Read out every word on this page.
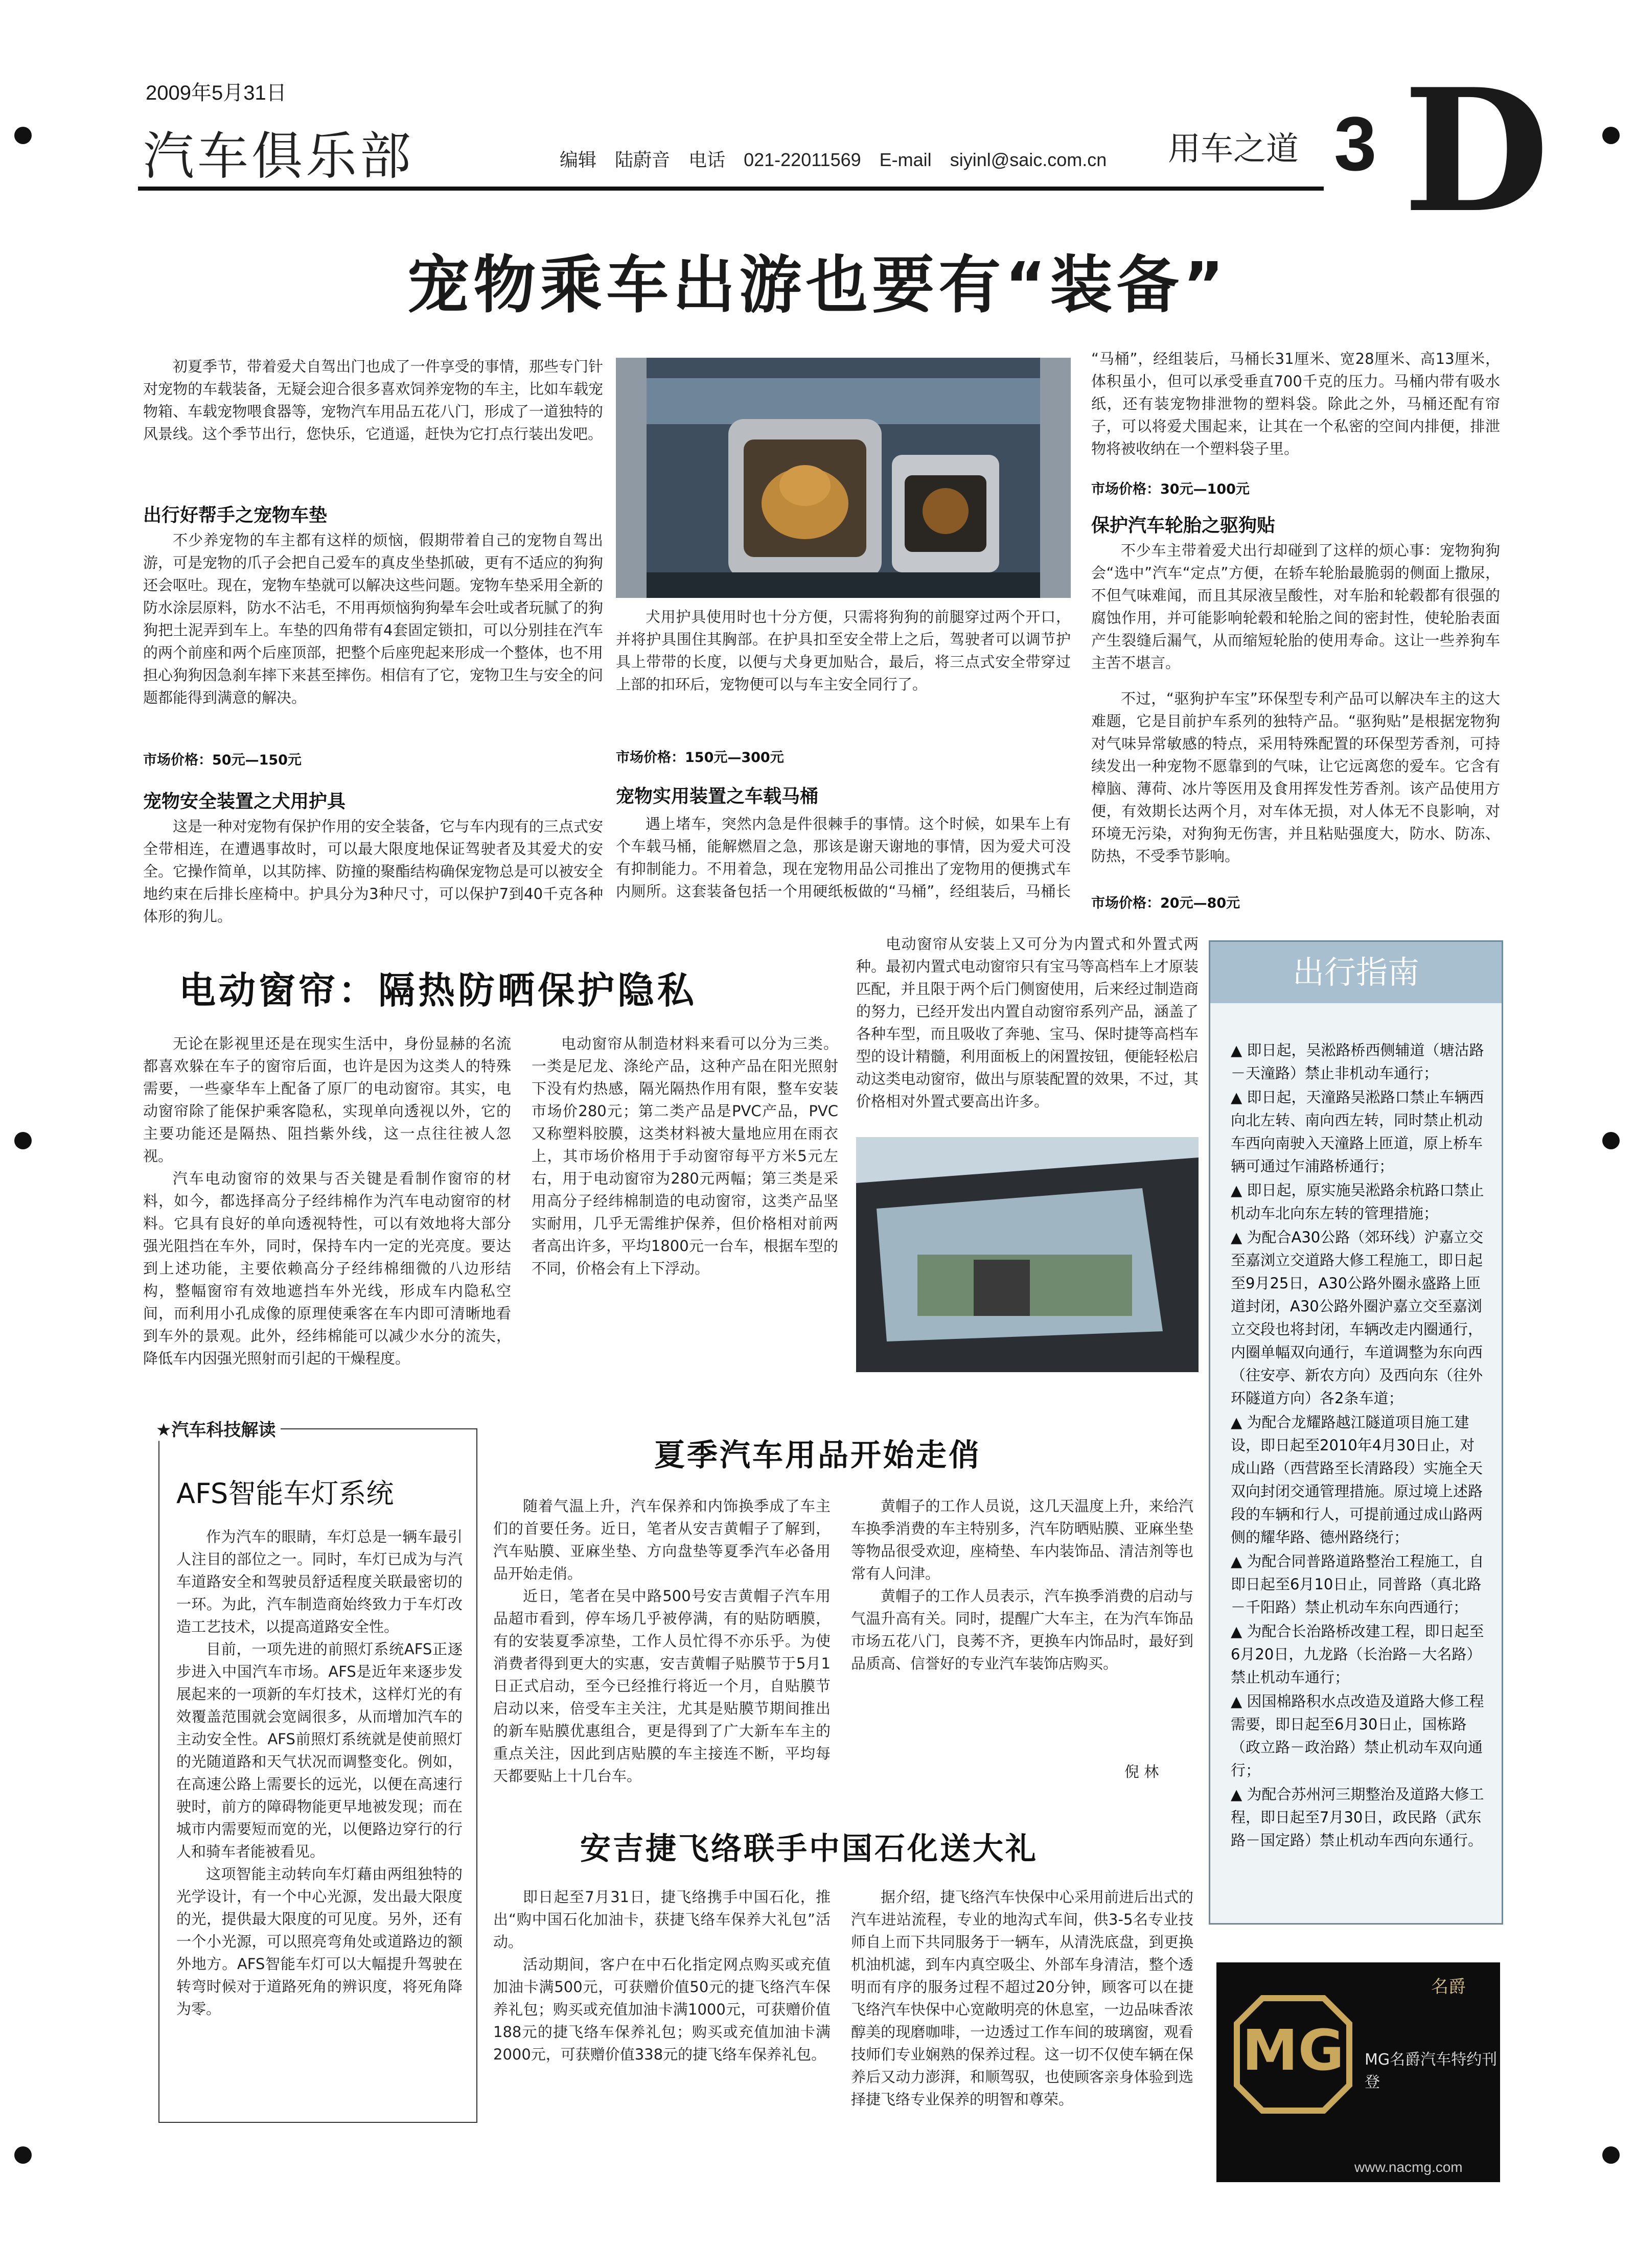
2009年5月31日
汽车俱乐部	编辑 陆蔚音 电话 021-22011569 E-mail siyinl@saic.com.cn	用车之道 3 D
宠物乘车出游也要有“装备”

初夏季节，带着爱犬自驾出门也成了一件享受的事情，那些专门针对宠物的车载装备，无疑会迎合很多喜欢饲养宠物的车主，比如车载宠物箱、车载宠物喂食器等，宠物汽车用品五花八门，形成了一道独特的风景线。这个季节出行，您快乐，它逍遥，赶快为它打点行装出发吧。

出行好帮手之宠物车垫

不少养宠物的车主都有这样的烦恼，假期带着自己的宠物自驾出游，可是宠物的爪子会把自己爱车的真皮坐垫抓破，更有不适应的狗狗还会呕吐。现在，宠物车垫就可以解决这些问题。宠物车垫采用全新的防水涂层原料，防水不沾毛，不用再烦恼狗狗晕车会吐或者玩腻了的狗狗把土泥弄到车上。车垫的四角带有4套固定锁扣，可以分别挂在汽车的两个前座和两个后座顶部，把整个后座兜起来形成一个整体，也不用担心狗狗因急刹车摔下来甚至摔伤。相信有了它，宠物卫生与安全的问题都能得到满意的解决。

市场价格：50元—150元
宠物安全装置之犬用护具

这是一种对宠物有保护作用的安全装备，它与车内现有的三点式安全带相连，在遭遇事故时，可以最大限度地保证驾驶者及其爱犬的安全。它操作简单，以其防摔、防撞的聚酯结构确保宠物总是可以被安全地约束在后排长座椅中。护具分为3种尺寸，可以保护7到40千克各种体形的狗儿。

犬用护具使用时也十分方便，只需将狗狗的前腿穿过两个开口，并将护具围住其胸部。在护具扣至安全带上之后，驾驶者可以调节护具上带带的长度，以便与犬身更加贴合，最后，将三点式安全带穿过上部的扣环后，宠物便可以与车主安全同行了。

市场价格：150元—300元
宠物实用装置之车载马桶

遇上堵车，突然内急是件很棘手的事情。这个时候，如果车上有个车载马桶，能解燃眉之急，那该是谢天谢地的事情，因为爱犬可没有抑制能力。不用着急，现在宠物用品公司推出了宠物用的便携式车内厕所。这套装备包括一个用硬纸板做的“马桶”，经组装后，马桶长

“马桶”，经组装后，马桶长31厘米、宽28厘米、高13厘米，体积虽小，但可以承受垂直700千克的压力。马桶内带有吸水纸，还有装宠物排泄物的塑料袋。除此之外，马桶还配有帘子，可以将爱犬围起来，让其在一个私密的空间内排便，排泄物将被收纳在一个塑料袋子里。

市场价格：30元—100元
保护汽车轮胎之驱狗贴

不少车主带着爱犬出行却碰到了这样的烦心事：宠物狗狗会“选中”汽车“定点”方便，在轿车轮胎最脆弱的侧面上撒尿，不但气味难闻，而且其尿液呈酸性，对车胎和轮毂都有很强的腐蚀作用，并可能影响轮毂和轮胎之间的密封性，使轮胎表面产生裂缝后漏气，从而缩短轮胎的使用寿命。这让一些养狗车主苦不堪言。

不过，“驱狗护车宝”环保型专利产品可以解决车主的这大难题，它是目前护车系列的独特产品。“驱狗贴”是根据宠物狗对气味异常敏感的特点，采用特殊配置的环保型芳香剂，可持续发出一种宠物不愿靠到的气味，让它远离您的爱车。它含有樟脑、薄荷、冰片等医用及食用挥发性芳香剂。该产品使用方便，有效期长达两个月，对车体无损，对人体无不良影响，对环境无污染，对狗狗无伤害，并且粘贴强度大，防水、防冻、防热，不受季节影响。

市场价格：20元—80元
电动窗帘：隔热防晒保护隐私

无论在影视里还是在现实生活中，身份显赫的名流都喜欢躲在车子的窗帘后面，也许是因为这类人的特殊需要，一些豪华车上配备了原厂的电动窗帘。其实，电动窗帘除了能保护乘客隐私，实现单向透视以外，它的主要功能还是隔热、阻挡紫外线，这一点往往被人忽视。

汽车电动窗帘的效果与否关键是看制作窗帘的材料，如今，都选择高分子经纬棉作为汽车电动窗帘的材料。它具有良好的单向透视特性，可以有效地将大部分强光阻挡在车外，同时，保持车内一定的光亮度。要达到上述功能，主要依赖高分子经纬棉细微的八边形结构，整幅窗帘有效地遮挡车外光线，形成车内隐私空间，而利用小孔成像的原理使乘客在车内即可清晰地看到车外的景观。此外，经纬棉能可以减少水分的流失，降低车内因强光照射而引起的干燥程度。

电动窗帘从制造材料来看可以分为三类。一类是尼龙、涤纶产品，这种产品在阳光照射下没有灼热感，隔光隔热作用有限，整车安装市场价280元；第二类产品是PVC产品，PVC又称塑料胶膜，这类材料被大量地应用在雨衣上，其市场价格用于手动窗帘每平方米5元左右，用于电动窗帘为280元两幅；第三类是采用高分子经纬棉制造的电动窗帘，这类产品坚实耐用，几乎无需维护保养，但价格相对前两者高出许多，平均1800元一台车，根据车型的不同，价格会有上下浮动。

电动窗帘从安装上又可分为内置式和外置式两种。最初内置式电动窗帘只有宝马等高档车上才原装匹配，并且限于两个后门侧窗使用，后来经过制造商的努力，已经开发出内置自动窗帘系列产品，涵盖了各种车型，而且吸收了奔驰、宝马、保时捷等高档车型的设计精髓，利用面板上的闲置按钮，便能轻松启动这类电动窗帘，做出与原装配置的效果，不过，其价格相对外置式要高出许多。

出行指南
▲ 即日起，吴淞路桥西侧辅道（塘沽路－天潼路）禁止非机动车通行；
▲ 即日起，天潼路吴淞路口禁止车辆西向北左转、南向西左转，同时禁止机动车西向南驶入天潼路上匝道，原上桥车辆可通过乍浦路桥通行；
▲ 即日起，原实施吴淞路余杭路口禁止机动车北向东左转的管理措施；
▲ 为配合A30公路（郊环线）沪嘉立交至嘉浏立交道路大修工程施工，即日起至9月25日，A30公路外圈永盛路上匝道封闭，A30公路外圈沪嘉立交至嘉浏立交段也将封闭，车辆改走内圈通行，内圈单幅双向通行，车道调整为东向西（往安亭、新农方向）及西向东（往外环隧道方向）各2条车道；
▲ 为配合龙耀路越江隧道项目施工建设，即日起至2010年4月30日止，对成山路（西营路至长清路段）实施全天双向封闭交通管理措施。原过境上述路段的车辆和行人，可提前通过成山路两侧的耀华路、德州路绕行；
▲ 为配合同普路道路整治工程施工，自即日起至6月10日止，同普路（真北路－千阳路）禁止机动车东向西通行；
▲ 为配合长治路桥改建工程，即日起至6月20日，九龙路（长治路－大名路）禁止机动车通行；
▲ 因国棉路积水点改造及道路大修工程需要，即日起至6月30日止，国栋路（政立路－政治路）禁止机动车双向通行；
▲ 为配合苏州河三期整治及道路大修工程，即日起至7月30日，政民路（武东路－国定路）禁止机动车西向东通行。
★汽车科技解读
AFS智能车灯系统

作为汽车的眼睛，车灯总是一辆车最引人注目的部位之一。同时，车灯已成为与汽车道路安全和驾驶员舒适程度关联最密切的一环。为此，汽车制造商始终致力于车灯改造工艺技术，以提高道路安全性。

目前，一项先进的前照灯系统AFS正逐步进入中国汽车市场。AFS是近年来逐步发展起来的一项新的车灯技术，这样灯光的有效覆盖范围就会宽阔很多，从而增加汽车的主动安全性。AFS前照灯系统就是使前照灯的光随道路和天气状况而调整变化。例如，在高速公路上需要长的远光，以便在高速行驶时，前方的障碍物能更早地被发现；而在城市内需要短而宽的光，以便路边穿行的行人和骑车者能被看见。

这项智能主动转向车灯藉由两组独特的光学设计，有一个中心光源，发出最大限度的光，提供最大限度的可见度。另外，还有一个小光源，可以照亮弯角处或道路边的额外地方。AFS智能车灯可以大幅提升驾驶在转弯时候对于道路死角的辨识度，将死角降为零。

夏季汽车用品开始走俏

随着气温上升，汽车保养和内饰换季成了车主们的首要任务。近日，笔者从安吉黄帽子了解到，汽车贴膜、亚麻坐垫、方向盘垫等夏季汽车必备用品开始走俏。

近日，笔者在吴中路500号安吉黄帽子汽车用品超市看到，停车场几乎被停满，有的贴防晒膜，有的安装夏季凉垫，工作人员忙得不亦乐乎。为使消费者得到更大的实惠，安吉黄帽子贴膜节于5月1日正式启动，至今已经推行将近一个月，自贴膜节启动以来，倍受车主关注，尤其是贴膜节期间推出的新车贴膜优惠组合，更是得到了广大新车车主的重点关注，因此到店贴膜的车主接连不断，平均每天都要贴上十几台车。

黄帽子的工作人员说，这几天温度上升，来给汽车换季消费的车主特别多，汽车防晒贴膜、亚麻坐垫等物品很受欢迎，座椅垫、车内装饰品、清洁剂等也常有人问津。

黄帽子的工作人员表示，汽车换季消费的启动与气温升高有关。同时，提醒广大车主，在为汽车饰品市场五花八门，良莠不齐，更换车内饰品时，最好到品质高、信誉好的专业汽车装饰店购买。

倪 林
安吉捷飞络联手中国石化送大礼

即日起至7月31日，捷飞络携手中国石化，推出“购中国石化加油卡，获捷飞络车保养大礼包”活动。

活动期间，客户在中石化指定网点购买或充值加油卡满500元，可获赠价值50元的捷飞络汽车保养礼包；购买或充值加油卡满1000元，可获赠价值188元的捷飞络车保养礼包；购买或充值加油卡满2000元，可获赠价值338元的捷飞络车保养礼包。

据介绍，捷飞络汽车快保中心采用前进后出式的汽车进站流程，专业的地沟式车间，供3-5名专业技师自上而下共同服务于一辆车，从清洗底盘，到更换机油机滤，到车内真空吸尘、外部车身清洁，整个透明而有序的服务过程不超过20分钟，顾客可以在捷飞络汽车快保中心宽敞明亮的休息室，一边品味香浓醇美的现磨咖啡，一边透过工作车间的玻璃窗，观看技师们专业娴熟的保养过程。这一切不仅使车辆在保养后又动力澎湃，和顺驾驭，也使顾客亲身体验到选择捷飞络专业保养的明智和尊荣。

名爵
MG MG名爵汽车特约刊登
www.nacmg.com
